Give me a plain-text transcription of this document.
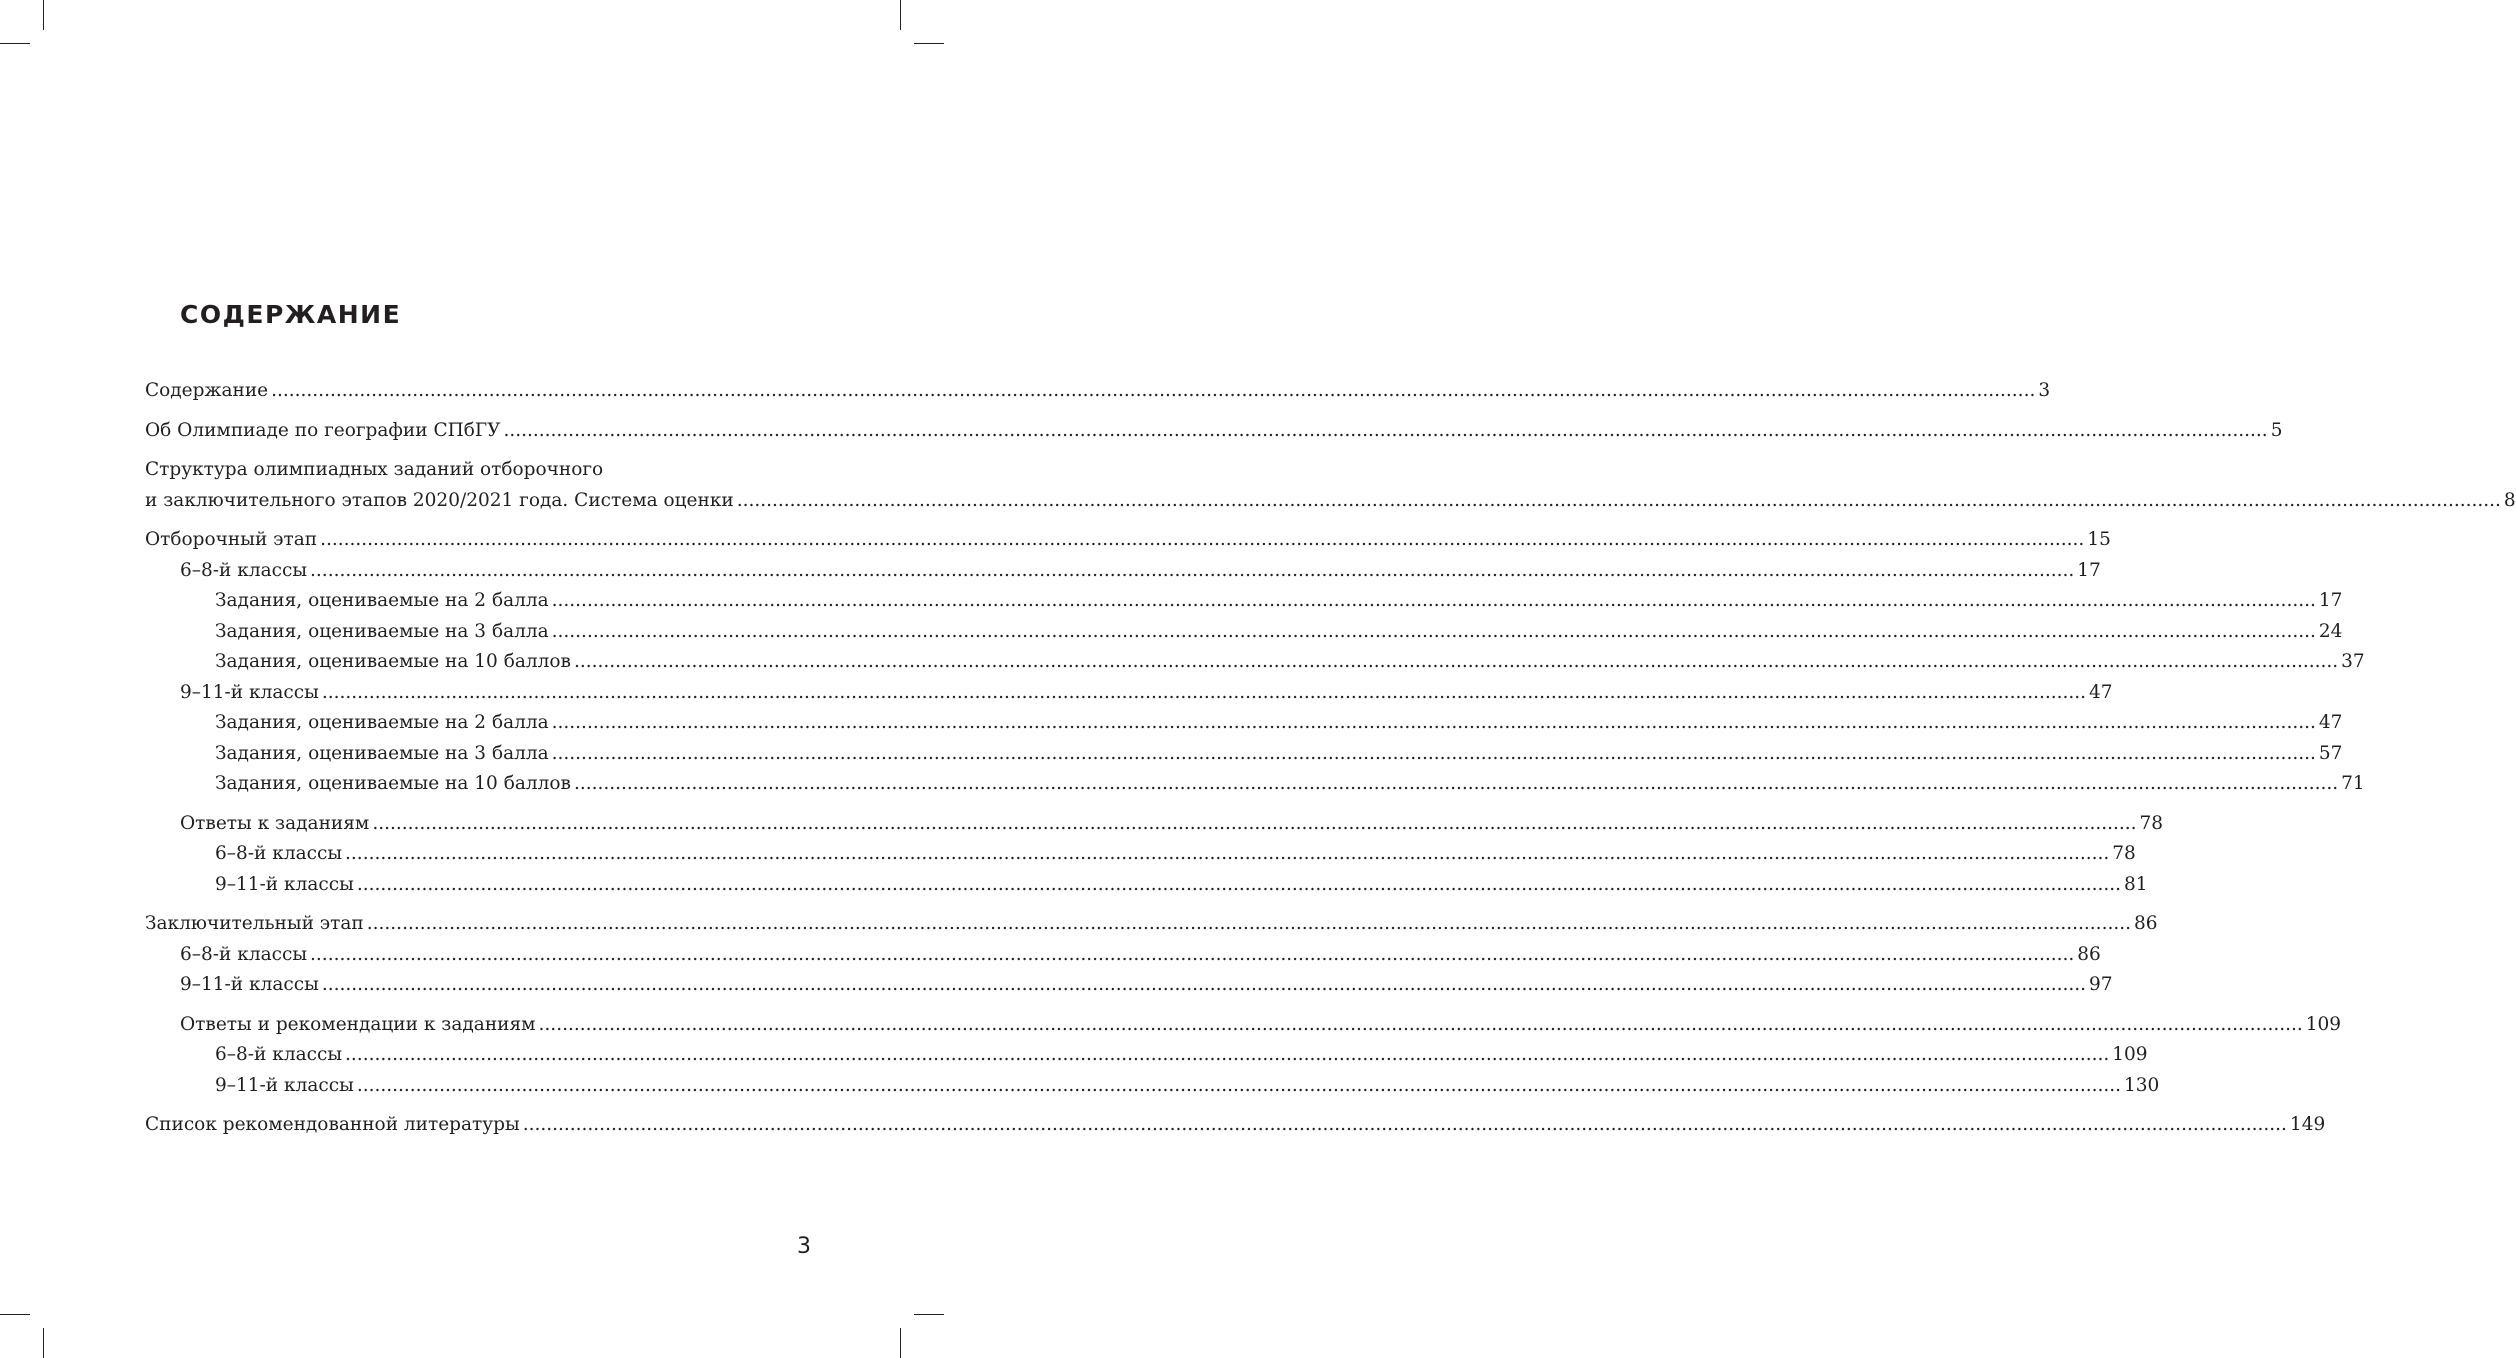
СОДЕРЖАНИЕ
Содержание ............................................................................................................................................................................................................................................................................................................ 3
Об Олимпиаде по географии СПбГУ ............................................................................................................................................................................................................................................................................................................ 5
Структура олимпиадных заданий отборочного
и заключительного этапов 2020/2021 года. Система оценки ............................................................................................................................................................................................................................................................................................................ 8
Отборочный этап ............................................................................................................................................................................................................................................................................................................ 15
6–8-й классы ............................................................................................................................................................................................................................................................................................................ 17
Задания, оцениваемые на 2 балла ............................................................................................................................................................................................................................................................................................................ 17
Задания, оцениваемые на 3 балла ............................................................................................................................................................................................................................................................................................................ 24
Задания, оцениваемые на 10 баллов ............................................................................................................................................................................................................................................................................................................ 37
9–11-й классы ............................................................................................................................................................................................................................................................................................................ 47
Задания, оцениваемые на 2 балла ............................................................................................................................................................................................................................................................................................................ 47
Задания, оцениваемые на 3 балла ............................................................................................................................................................................................................................................................................................................ 57
Задания, оцениваемые на 10 баллов ............................................................................................................................................................................................................................................................................................................ 71
Ответы к заданиям ............................................................................................................................................................................................................................................................................................................ 78
6–8-й классы ............................................................................................................................................................................................................................................................................................................ 78
9–11-й классы ............................................................................................................................................................................................................................................................................................................ 81
Заключительный этап ............................................................................................................................................................................................................................................................................................................ 86
6–8-й классы ............................................................................................................................................................................................................................................................................................................ 86
9–11-й классы ............................................................................................................................................................................................................................................................................................................ 97
Ответы и рекомендации к заданиям ............................................................................................................................................................................................................................................................................................................ 109
6–8-й классы ............................................................................................................................................................................................................................................................................................................ 109
9–11-й классы ............................................................................................................................................................................................................................................................................................................ 130
Список рекомендованной литературы ............................................................................................................................................................................................................................................................................................................ 149
3
